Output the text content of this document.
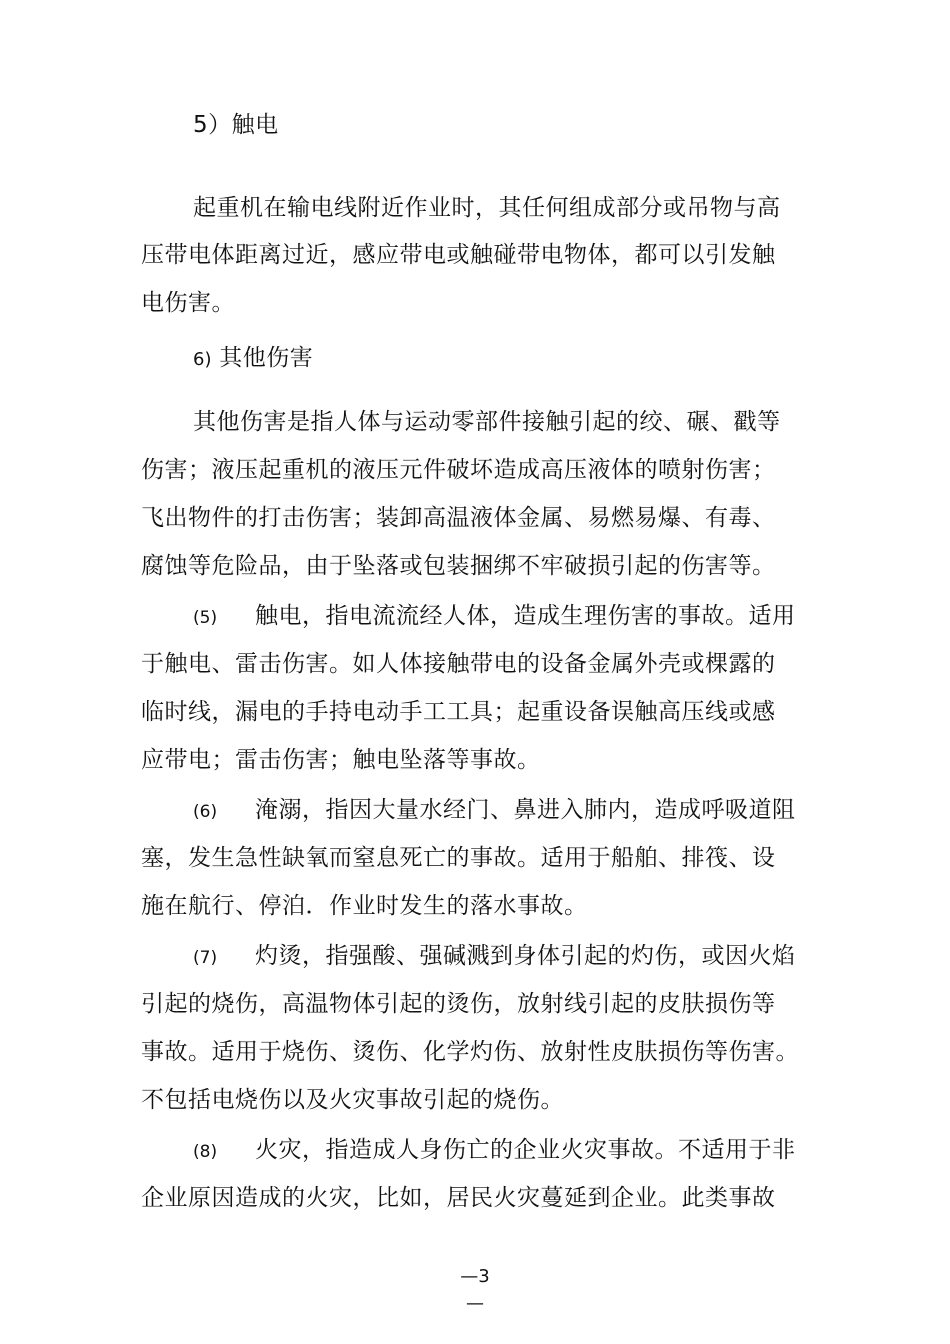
5）触电
起重机在输电线附近作业时，其任何组成部分或吊物与高
压带电体距离过近，感应带电或触碰带电物体，都可以引发触
电伤害。
6) 其他伤害
其他伤害是指人体与运动零部件接触引起的绞、碾、戳等
伤害；液压起重机的液压元件破坏造成高压液体的喷射伤害；
飞出物件的打击伤害；装卸高温液体金属、易燃易爆、有毒、
腐蚀等危险品，由于坠落或包装捆绑不牢破损引起的伤害等。
(5) 触电，指电流流经人体，造成生理伤害的事故。适用
于触电、雷击伤害。如人体接触带电的设备金属外壳或棵露的
临时线，漏电的手持电动手工工具；起重设备误触高压线或感
应带电；雷击伤害；触电坠落等事故。
(6) 淹溺，指因大量水经门、鼻进入肺内，造成呼吸道阻
塞，发生急性缺氧而窒息死亡的事故。适用于船舶、排筏、设
施在航行、停泊．作业时发生的落水事故。
(7) 灼烫，指强酸、强碱溅到身体引起的灼伤，或因火焰
引起的烧伤，高温物体引起的烫伤，放射线引起的皮肤损伤等
事故。适用于烧伤、烫伤、化学灼伤、放射性皮肤损伤等伤害。
不包括电烧伤以及火灾事故引起的烧伤。
(8) 火灾，指造成人身伤亡的企业火灾事故。不适用于非
企业原因造成的火灾，比如，居民火灾蔓延到企业。此类事故
—3
—
